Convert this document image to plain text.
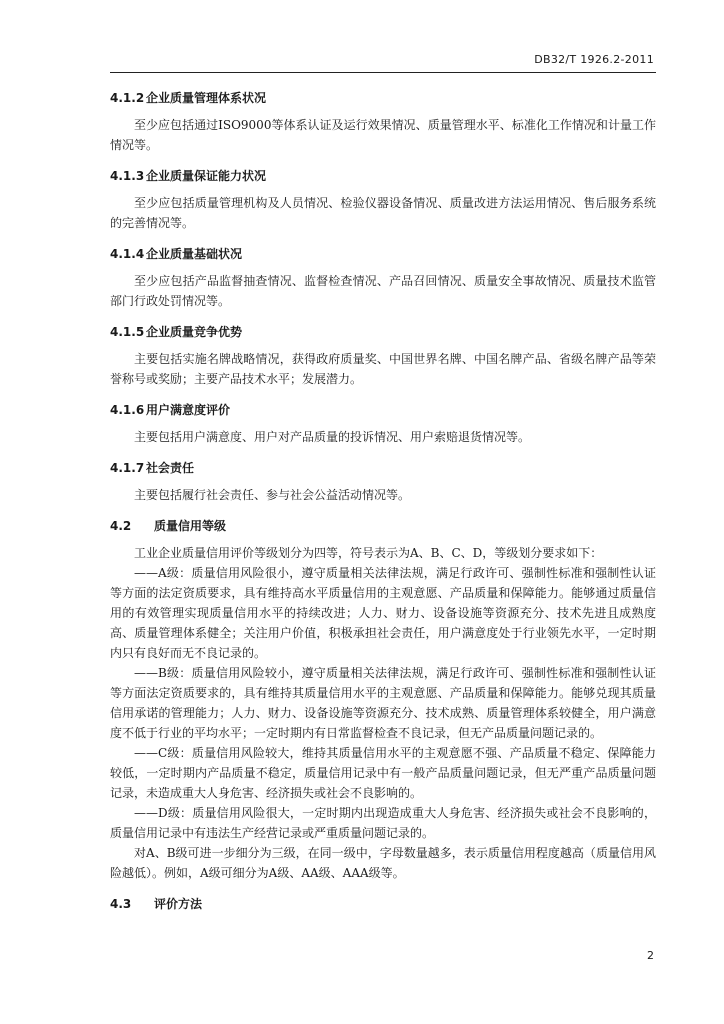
DB32/T 1926.2-2011
4.1.2 企业质量管理体系状况
至少应包括通过ISO9000等体系认证及运行效果情况、质量管理水平、标准化工作情况和计量工作情况等。
4.1.3 企业质量保证能力状况
至少应包括质量管理机构及人员情况、检验仪器设备情况、质量改进方法运用情况、售后服务系统的完善情况等。
4.1.4 企业质量基础状况
至少应包括产品监督抽查情况、监督检查情况、产品召回情况、质量安全事故情况、质量技术监管部门行政处罚情况等。
4.1.5 企业质量竞争优势
主要包括实施名牌战略情况，获得政府质量奖、中国世界名牌、中国名牌产品、省级名牌产品等荣誉称号或奖励；主要产品技术水平；发展潜力。
4.1.6 用户满意度评价
主要包括用户满意度、用户对产品质量的投诉情况、用户索赔退货情况等。
4.1.7 社会责任
主要包括履行社会责任、参与社会公益活动情况等。
4.2 质量信用等级
工业企业质量信用评价等级划分为四等，符号表示为A、B、C、D，等级划分要求如下：
——A级：质量信用风险很小，遵守质量相关法律法规，满足行政许可、强制性标准和强制性认证等方面的法定资质要求，具有维持高水平质量信用的主观意愿、产品质量和保障能力。能够通过质量信用的有效管理实现质量信用水平的持续改进；人力、财力、设备设施等资源充分、技术先进且成熟度高、质量管理体系健全；关注用户价值，积极承担社会责任，用户满意度处于行业领先水平，一定时期内只有良好而无不良记录的。
——B级：质量信用风险较小，遵守质量相关法律法规，满足行政许可、强制性标准和强制性认证等方面法定资质要求的，具有维持其质量信用水平的主观意愿、产品质量和保障能力。能够兑现其质量信用承诺的管理能力；人力、财力、设备设施等资源充分、技术成熟、质量管理体系较健全，用户满意度不低于行业的平均水平；一定时期内有日常监督检查不良记录，但无产品质量问题记录的。
——C级：质量信用风险较大，维持其质量信用水平的主观意愿不强、产品质量不稳定、保障能力较低，一定时期内产品质量不稳定，质量信用记录中有一般产品质量问题记录，但无严重产品质量问题记录，未造成重大人身危害、经济损失或社会不良影响的。
——D级：质量信用风险很大，一定时期内出现造成重大人身危害、经济损失或社会不良影响的，质量信用记录中有违法生产经营记录或严重质量问题记录的。
对A、B级可进一步细分为三级，在同一级中，字母数量越多，表示质量信用程度越高（质量信用风险越低）。例如，A级可细分为A级、AA级、AAA级等。
4.3 评价方法
2
